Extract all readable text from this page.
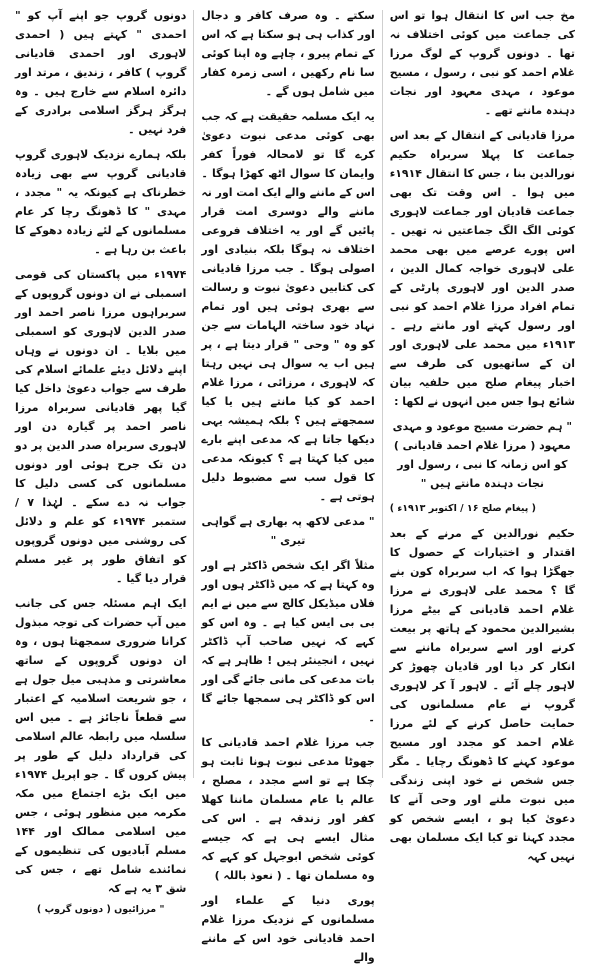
مخ جب اس کا انتقال ہوا تو اس کی جماعت میں کوئی اختلاف نہ تھا ۔ دونوں گروپ کے لوگ مرزا غلام احمد کو نبی ، رسول ، مسیح موعود ، مہدی معہود اور نجات دہندہ مانتے تھے ۔

مرزا قادیانی کے انتقال کے بعد اس جماعت کا پہلا سربراہ حکیم نورالدین بنا ، جس کا انتقال ۱۹۱۴ء میں ہوا ۔ اس وقت تک بھی جماعت قادیان اور جماعت لاہوری کوئی الگ الگ جماعتیں نہ تھیں ۔ اس پورے عرصے میں بھی محمد علی لاہوری خواجہ کمال الدین ، صدر الدین اور لاہوری پارٹی کے تمام افراد مرزا غلام احمد کو نبی اور رسول کہتے اور مانتے رہے ۔ ۱۹۱۳ء میں محمد علی لاہوری اور ان کے ساتھیوں کی طرف سے اخبار پیغام صلح میں حلفیہ بیان شائع ہوا جس میں انہوں نے لکھا :

" ہم حضرت مسیح موعود و مہدی معہود ( مرزا غلام احمد قادیانی ) کو اس زمانہ کا نبی ، رسول اور نجات دہندہ مانتے ہیں "

( پیغام صلح ۱۶ / اکتوبر ۱۹۱۳ء )

حکیم نورالدین کے مرنے کے بعد اقتدار و اختیارات کے حصول کا جھگڑا ہوا کہ اب سربراہ کون بنے گا ؟ محمد علی لاہوری نے مرزا غلام احمد قادیانی کے بیٹے مرزا بشیرالدین محمود کے ہاتھ پر بیعت کرنے اور اسے سربراہ ماننے سے انکار کر دیا اور قادیان چھوڑ کر لاہور چلے آئے ۔ لاہور آ کر لاہوری گروپ نے عام مسلمانوں کی حمایت حاصل کرنے کے لئے مرزا غلام احمد کو مجدد اور مسیح موعود کہنے کا ڈھونگ رچایا ۔ مگر جس شخص نے خود اپنی زندگی میں نبوت ملنے اور وحی آنے کا دعویٰ کیا ہو ، ایسے شخص کو مجدد کہنا تو کیا ایک مسلمان بھی نہیں کہہ

سکتے ۔ وہ صرف کافر و دجال اور کذاب ہی ہو سکتا ہے کہ اس کے تمام پیرو ، چاہے وہ اپنا کوئی سا نام رکھیں ، اسی زمرہ کفار میں شامل ہوں گے ۔

یہ ایک مسلمہ حقیقت ہے کہ جب بھی کوئی مدعی نبوت دعویٰ کرے گا تو لامحالہ فوراً کفر وایمان کا سوال اٹھ کھڑا ہوگا ۔ اس کے ماننے والے ایک امت اور نہ ماننے والے دوسری امت قرار پائیں گے اور یہ اختلاف فروعی اختلاف نہ ہوگا بلکہ بنیادی اور اصولی ہوگا ۔ جب مرزا قادیانی کی کتابیں دعویٰ نبوت و رسالت سے بھری ہوئی ہیں اور تمام نہاد خود ساختہ الہامات سے جن کو وہ " وحی " قرار دیتا ہے ، پر ہیں اب یہ سوال ہی نہیں رہتا کہ لاہوری ، مرزائی ، مرزا غلام احمد کو کیا مانتے ہیں یا کیا سمجھتے ہیں ؟ بلکہ ہمیشہ یہی دیکھا جاتا ہے کہ مدعی اپنے بارے میں کیا کہتا ہے ؟ کیونکہ مدعی کا قول سب سے مضبوط دلیل ہوتی ہے ۔

" مدعی لاکھ پہ بھاری ہے گواہی تیری "

مثلاً اگر ایک شخص ڈاکٹر ہے اور وہ کہتا ہے کہ میں ڈاکٹر ہوں اور فلاں میڈیکل کالج سے میں نے ایم بی بی ایس کیا ہے ۔ وہ اس کو کہے کہ نہیں صاحب آپ ڈاکٹر نہیں ، انجینئر ہیں ! ظاہر ہے کہ بات مدعی کی مانی جائے گی اور اس کو ڈاکٹر ہی سمجھا جائے گا ۔

جب مرزا غلام احمد قادیانی کا جھوٹا مدعی نبوت ہونا ثابت ہو چکا ہے تو اسے مجدد ، مصلح ، عالم یا عام مسلمان ماننا کھلا کفر اور زندقہ ہے ۔ اس کی مثال ایسے ہی ہے کہ جیسے کوئی شخص ابوجہل کو کہے کہ وہ مسلمان تھا ۔ ( نعوذ باللہ )

پوری دنیا کے علماء اور مسلمانوں کے نزدیک مرزا غلام احمد قادیانی خود اس کے ماننے والے

دونوں گروپ جو اپنے آپ کو " احمدی " کہتے ہیں ( احمدی لاہوری اور احمدی قادیانی گروپ ) کافر ، زندیق ، مرتد اور دائرہ اسلام سے خارج ہیں ۔ وہ ہرگز ہرگز اسلامی برادری کے فرد نہیں ۔

بلکہ ہمارے نزدیک لاہوری گروپ قادیانی گروپ سے بھی زیادہ خطرناک ہے کیونکہ یہ " مجدد ، مہدی " کا ڈھونگ رچا کر عام مسلمانوں کے لئے زیادہ دھوکے کا باعث بن رہا ہے ۔

۱۹۷۴ء میں پاکستان کی قومی اسمبلی نے ان دونوں گروپوں کے سربراہوں مرزا ناصر احمد اور صدر الدین لاہوری کو اسمبلی میں بلایا ۔ ان دونوں نے وہاں اپنے دلائل دیئے علمائے اسلام کی طرف سے جواب دعویٰ داخل کیا گیا پھر قادیانی سربراہ مرزا ناصر احمد پر گیارہ دن اور لاہوری سربراہ صدر الدین پر دو دن تک جرح ہوئی اور دونوں مسلمانوں کی کسی دلیل کا جواب نہ دے سکے ۔ لہٰذا ۷ / ستمبر ۱۹۷۴ء کو علم و دلائل کی روشنی میں دونوں گروپوں کو اتفاق طور پر غیر مسلم قرار دیا گیا ۔

ایک اہم مسئلہ جس کی جانب میں آپ حضرات کی توجہ مبذول کرانا ضروری سمجھتا ہوں ، وہ ان دونوں گروپوں کے ساتھ معاشرتی و مذہبی میل جول ہے ، جو شریعت اسلامیہ کے اعتبار سے قطعاً ناجائز ہے ۔ میں اس سلسلہ میں رابطہ عالم اسلامی کی قرارداد دلیل کے طور پر پیش کروں گا ۔ جو اپریل ۱۹۷۴ء میں ایک بڑے اجتماع میں مکہ مکرمہ میں منظور ہوئی ، جس میں اسلامی ممالک اور ۱۴۴ مسلم آبادیوں کی تنظیموں کے نمائندے شامل تھے ، جس کی شق ۳ یہ ہے کہ

" مرزائیوں ( دونوں گروپ )
